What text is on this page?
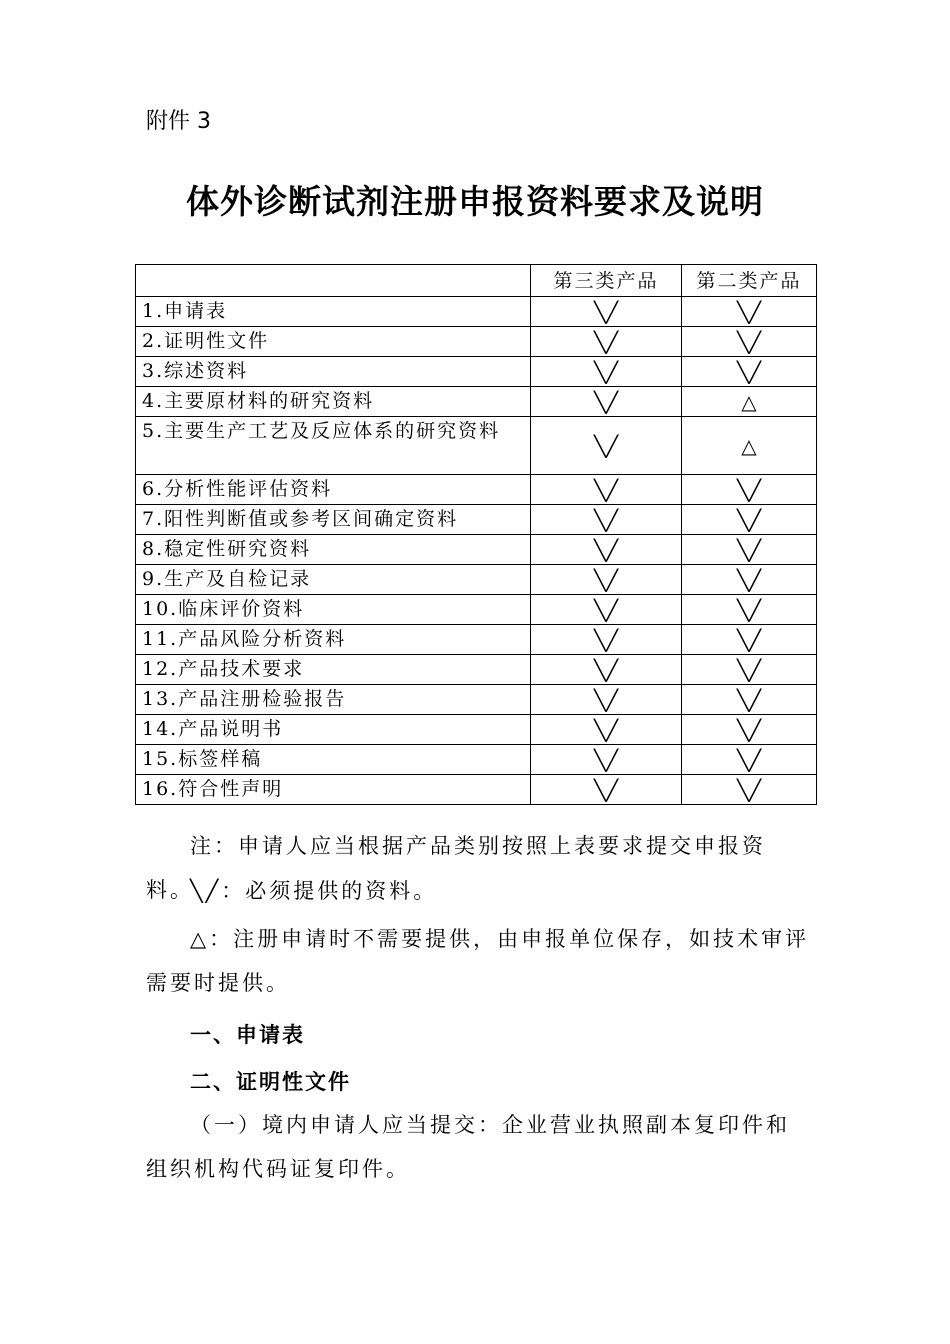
附件 3
体外诊断试剂注册申报资料要求及说明
	第三类产品	第二类产品
1.申请表	╲╱	╲╱
2.证明性文件	╲╱	╲╱
3.综述资料	╲╱	╲╱
4.主要原材料的研究资料	╲╱	△
5.主要生产工艺及反应体系的研究资料	╲╱	△
6.分析性能评估资料	╲╱	╲╱
7.阳性判断值或参考区间确定资料	╲╱	╲╱
8.稳定性研究资料	╲╱	╲╱
9.生产及自检记录	╲╱	╲╱
10.临床评价资料	╲╱	╲╱
11.产品风险分析资料	╲╱	╲╱
12.产品技术要求	╲╱	╲╱
13.产品注册检验报告	╲╱	╲╱
14.产品说明书	╲╱	╲╱
15.标签样稿	╲╱	╲╱
16.符合性声明	╲╱	╲╱
注：申请人应当根据产品类别按照上表要求提交申报资料。
╲╱：必须提供的资料。
△：注册申请时不需要提供，由申报单位保存，如技术审评需要时提供。
一、申请表
二、证明性文件
（一）境内申请人应当提交：企业营业执照副本复印件和组织机构代码证复印件。
